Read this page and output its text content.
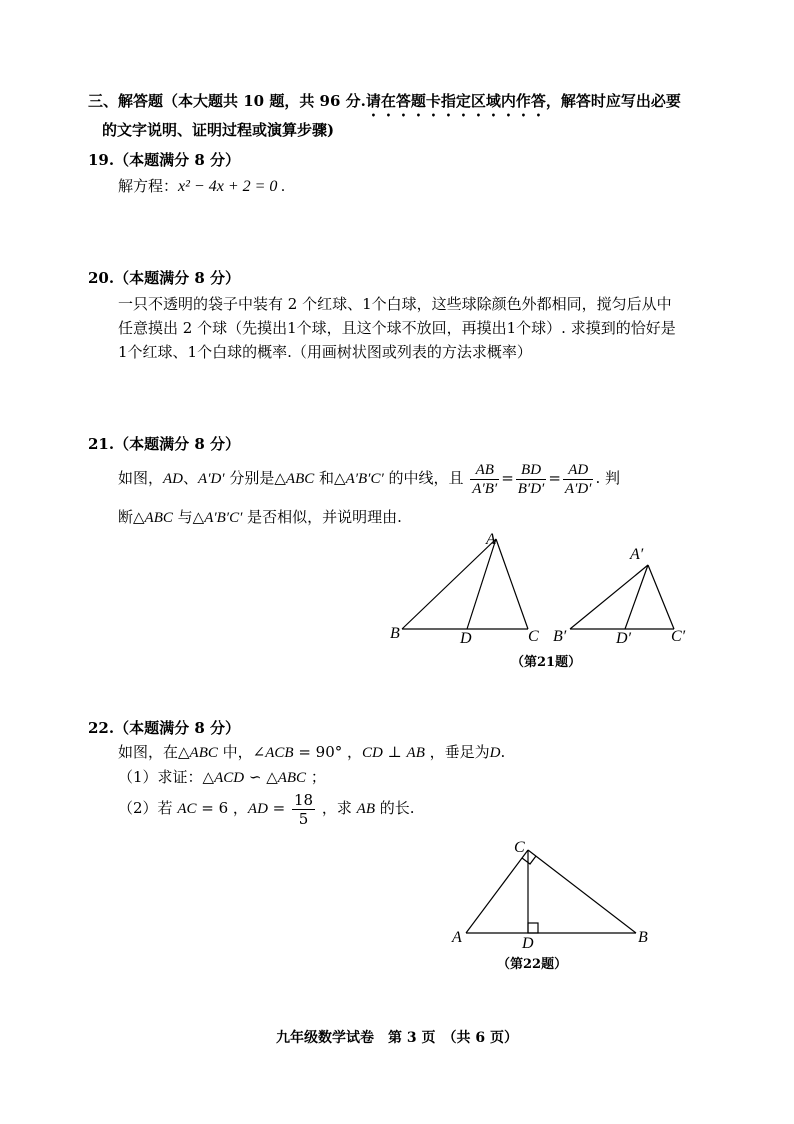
三、解答题（本大题共 10 题，共 96 分.请在答题卡指定区域内作答，解答时应写出必要
的文字说明、证明过程或演算步骤)
19.（本题满分 8 分）
解方程：x² − 4x + 2 = 0 .
20.（本题满分 8 分）
一只不透明的袋子中装有 2 个红球、1个白球，这些球除颜色外都相同，搅匀后从中
任意摸出 2 个球（先摸出1个球，且这个球不放回，再摸出1个球）. 求摸到的恰好是
1个红球、1个白球的概率.（用画树状图或列表的方法求概率）
21.（本题满分 8 分）
如图，AD、A′D′ 分别是△ABC 和△A′B′C′ 的中线，且 $\frac{AB}{A'B'} = \frac{BD}{B'D'} = \frac{AD}{A'D'}$ . 判
断△ABC 与△A′B′C′ 是否相似，并说明理由.
B
A
D	C B′
A′
D′ C′
（第21题）
22.（本题满分 8 分）
如图，在△ABC 中，∠ACB = 90° ，CD ⊥ AB ，垂足为D.
（1）求证：△ACD ∽ △ABC ；
（2）若 AC = 6 ，AD = $\frac{18}{5}$ ，求 AB 的长.
A
C
D	B
（第22题）
九年级数学试卷　第 3 页　（共 6 页）
